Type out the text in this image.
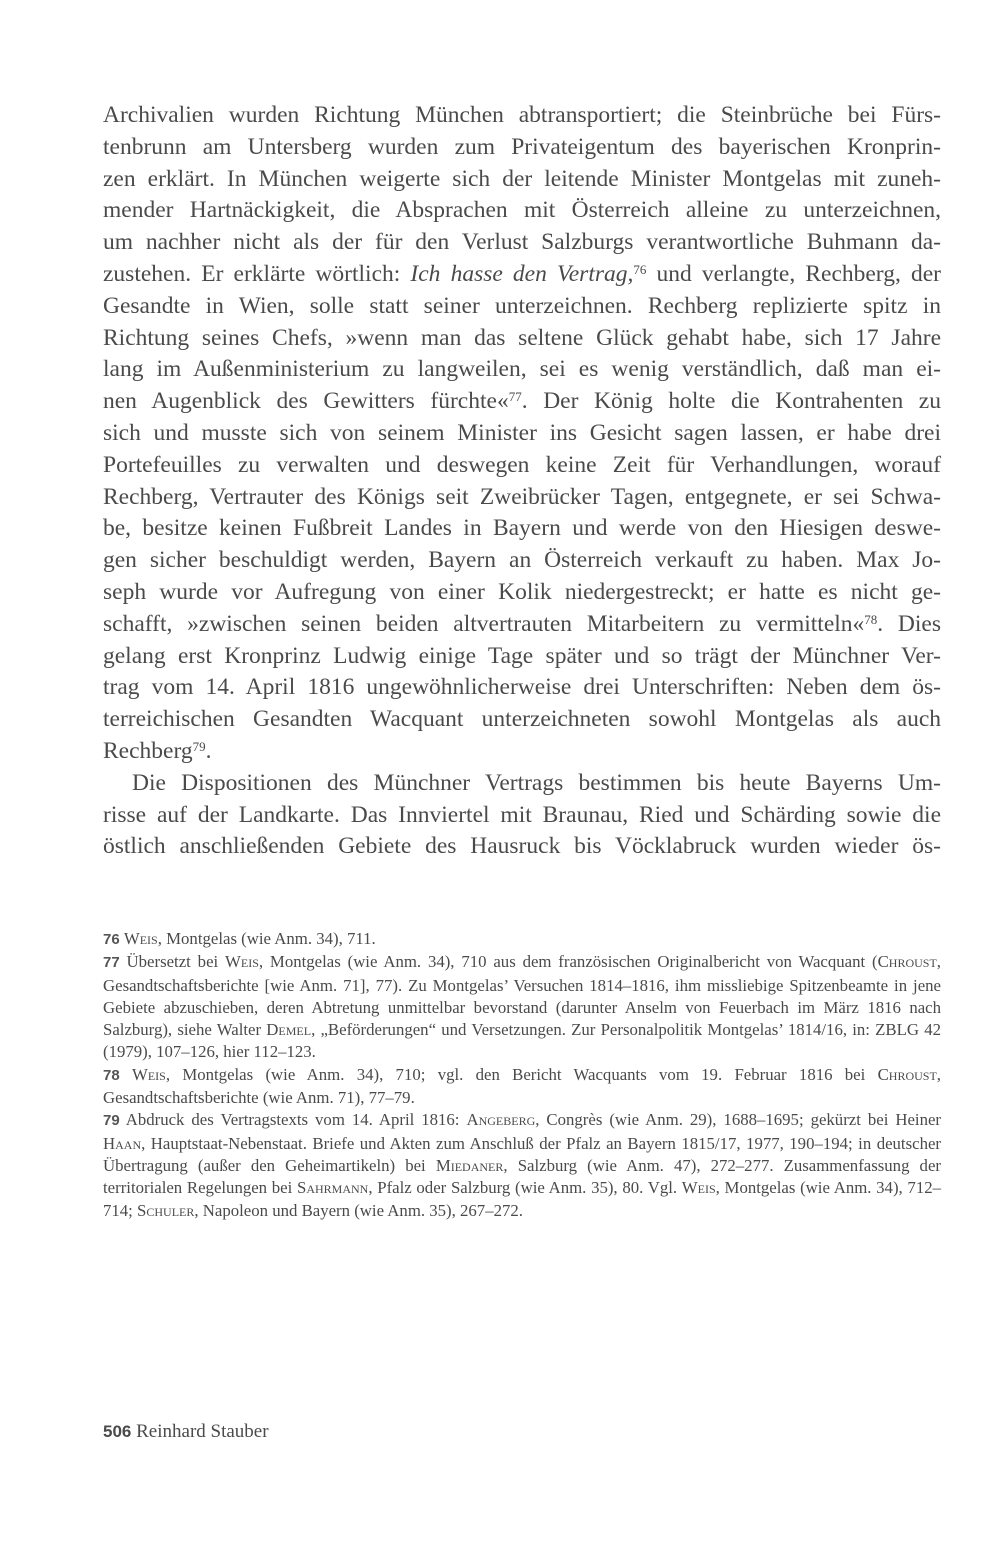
Archivalien wurden Richtung München abtransportiert; die Steinbrüche bei Fürs-
tenbrunn am Untersberg wurden zum Privateigentum des bayerischen Kronprin-
zen erklärt. In München weigerte sich der leitende Minister Montgelas mit zuneh-
mender Hartnäckigkeit, die Absprachen mit Österreich alleine zu unterzeichnen,
um nachher nicht als der für den Verlust Salzburgs verantwortliche Buhmann da-
zustehen. Er erklärte wörtlich: Ich hasse den Vertrag,$^{76}$ und verlangte, Rechberg, der
Gesandte in Wien, solle statt seiner unterzeichnen. Rechberg replizierte spitz in
Richtung seines Chefs, »wenn man das seltene Glück gehabt habe, sich 17 Jahre
lang im Außenministerium zu langweilen, sei es wenig verständlich, daß man ei-
nen Augenblick des Gewitters fürchte«$^{77}$. Der König holte die Kontrahenten zu
sich und musste sich von seinem Minister ins Gesicht sagen lassen, er habe drei
Portefeuilles zu verwalten und deswegen keine Zeit für Verhandlungen, worauf
Rechberg, Vertrauter des Königs seit Zweibrücker Tagen, entgegnete, er sei Schwa-
be, besitze keinen Fußbreit Landes in Bayern und werde von den Hiesigen deswe-
gen sicher beschuldigt werden, Bayern an Österreich verkauft zu haben. Max Jo-
seph wurde vor Aufregung von einer Kolik niedergestreckt; er hatte es nicht ge-
schafft, »zwischen seinen beiden altvertrauten Mitarbeitern zu vermitteln«$^{78}$. Dies
gelang erst Kronprinz Ludwig einige Tage später und so trägt der Münchner Ver-
trag vom 14. April 1816 ungewöhnlicherweise drei Unterschriften: Neben dem ös-
terreichischen Gesandten Wacquant unterzeichneten sowohl Montgelas als auch
Rechberg$^{79}$.
Die Dispositionen des Münchner Vertrags bestimmen bis heute Bayerns Um-
risse auf der Landkarte. Das Innviertel mit Braunau, Ried und Schärding sowie die
östlich anschließenden Gebiete des Hausruck bis Vöcklabruck wurden wieder ös-
76 Weis, Montgelas (wie Anm. 34), 711.
77 Übersetzt bei Weis, Montgelas (wie Anm. 34), 710 aus dem französischen Originalbericht von Wacquant (Chroust, Gesandtschaftsberichte [wie Anm. 71], 77). Zu Montgelas’ Versuchen 1814–1816, ihm missliebige Spitzenbeamte in jene Gebiete abzuschieben, deren Abtretung unmittelbar bevorstand (darunter Anselm von Feuerbach im März 1816 nach Salzburg), siehe Walter Demel, „Beförderungen“ und Versetzungen. Zur Personalpolitik Montgelas’ 1814/16, in: ZBLG 42 (1979), 107–126, hier 112–123.
78 Weis, Montgelas (wie Anm. 34), 710; vgl. den Bericht Wacquants vom 19. Februar 1816 bei Chroust, Gesandtschaftsberichte (wie Anm. 71), 77–79.
79 Abdruck des Vertragstexts vom 14. April 1816: Angeberg, Congrès (wie Anm. 29), 1688–1695; gekürzt bei Heiner Haan, Hauptstaat-Nebenstaat. Briefe und Akten zum Anschluß der Pfalz an Bayern 1815/17, 1977, 190–194; in deutscher Übertragung (außer den Geheimartikeln) bei Miedaner, Salzburg (wie Anm. 47), 272–277. Zusammenfassung der territorialen Regelungen bei Sahrmann, Pfalz oder Salzburg (wie Anm. 35), 80. Vgl. Weis, Montgelas (wie Anm. 34), 712–714; Schuler, Napoleon und Bayern (wie Anm. 35), 267–272.
506 Reinhard Stauber
